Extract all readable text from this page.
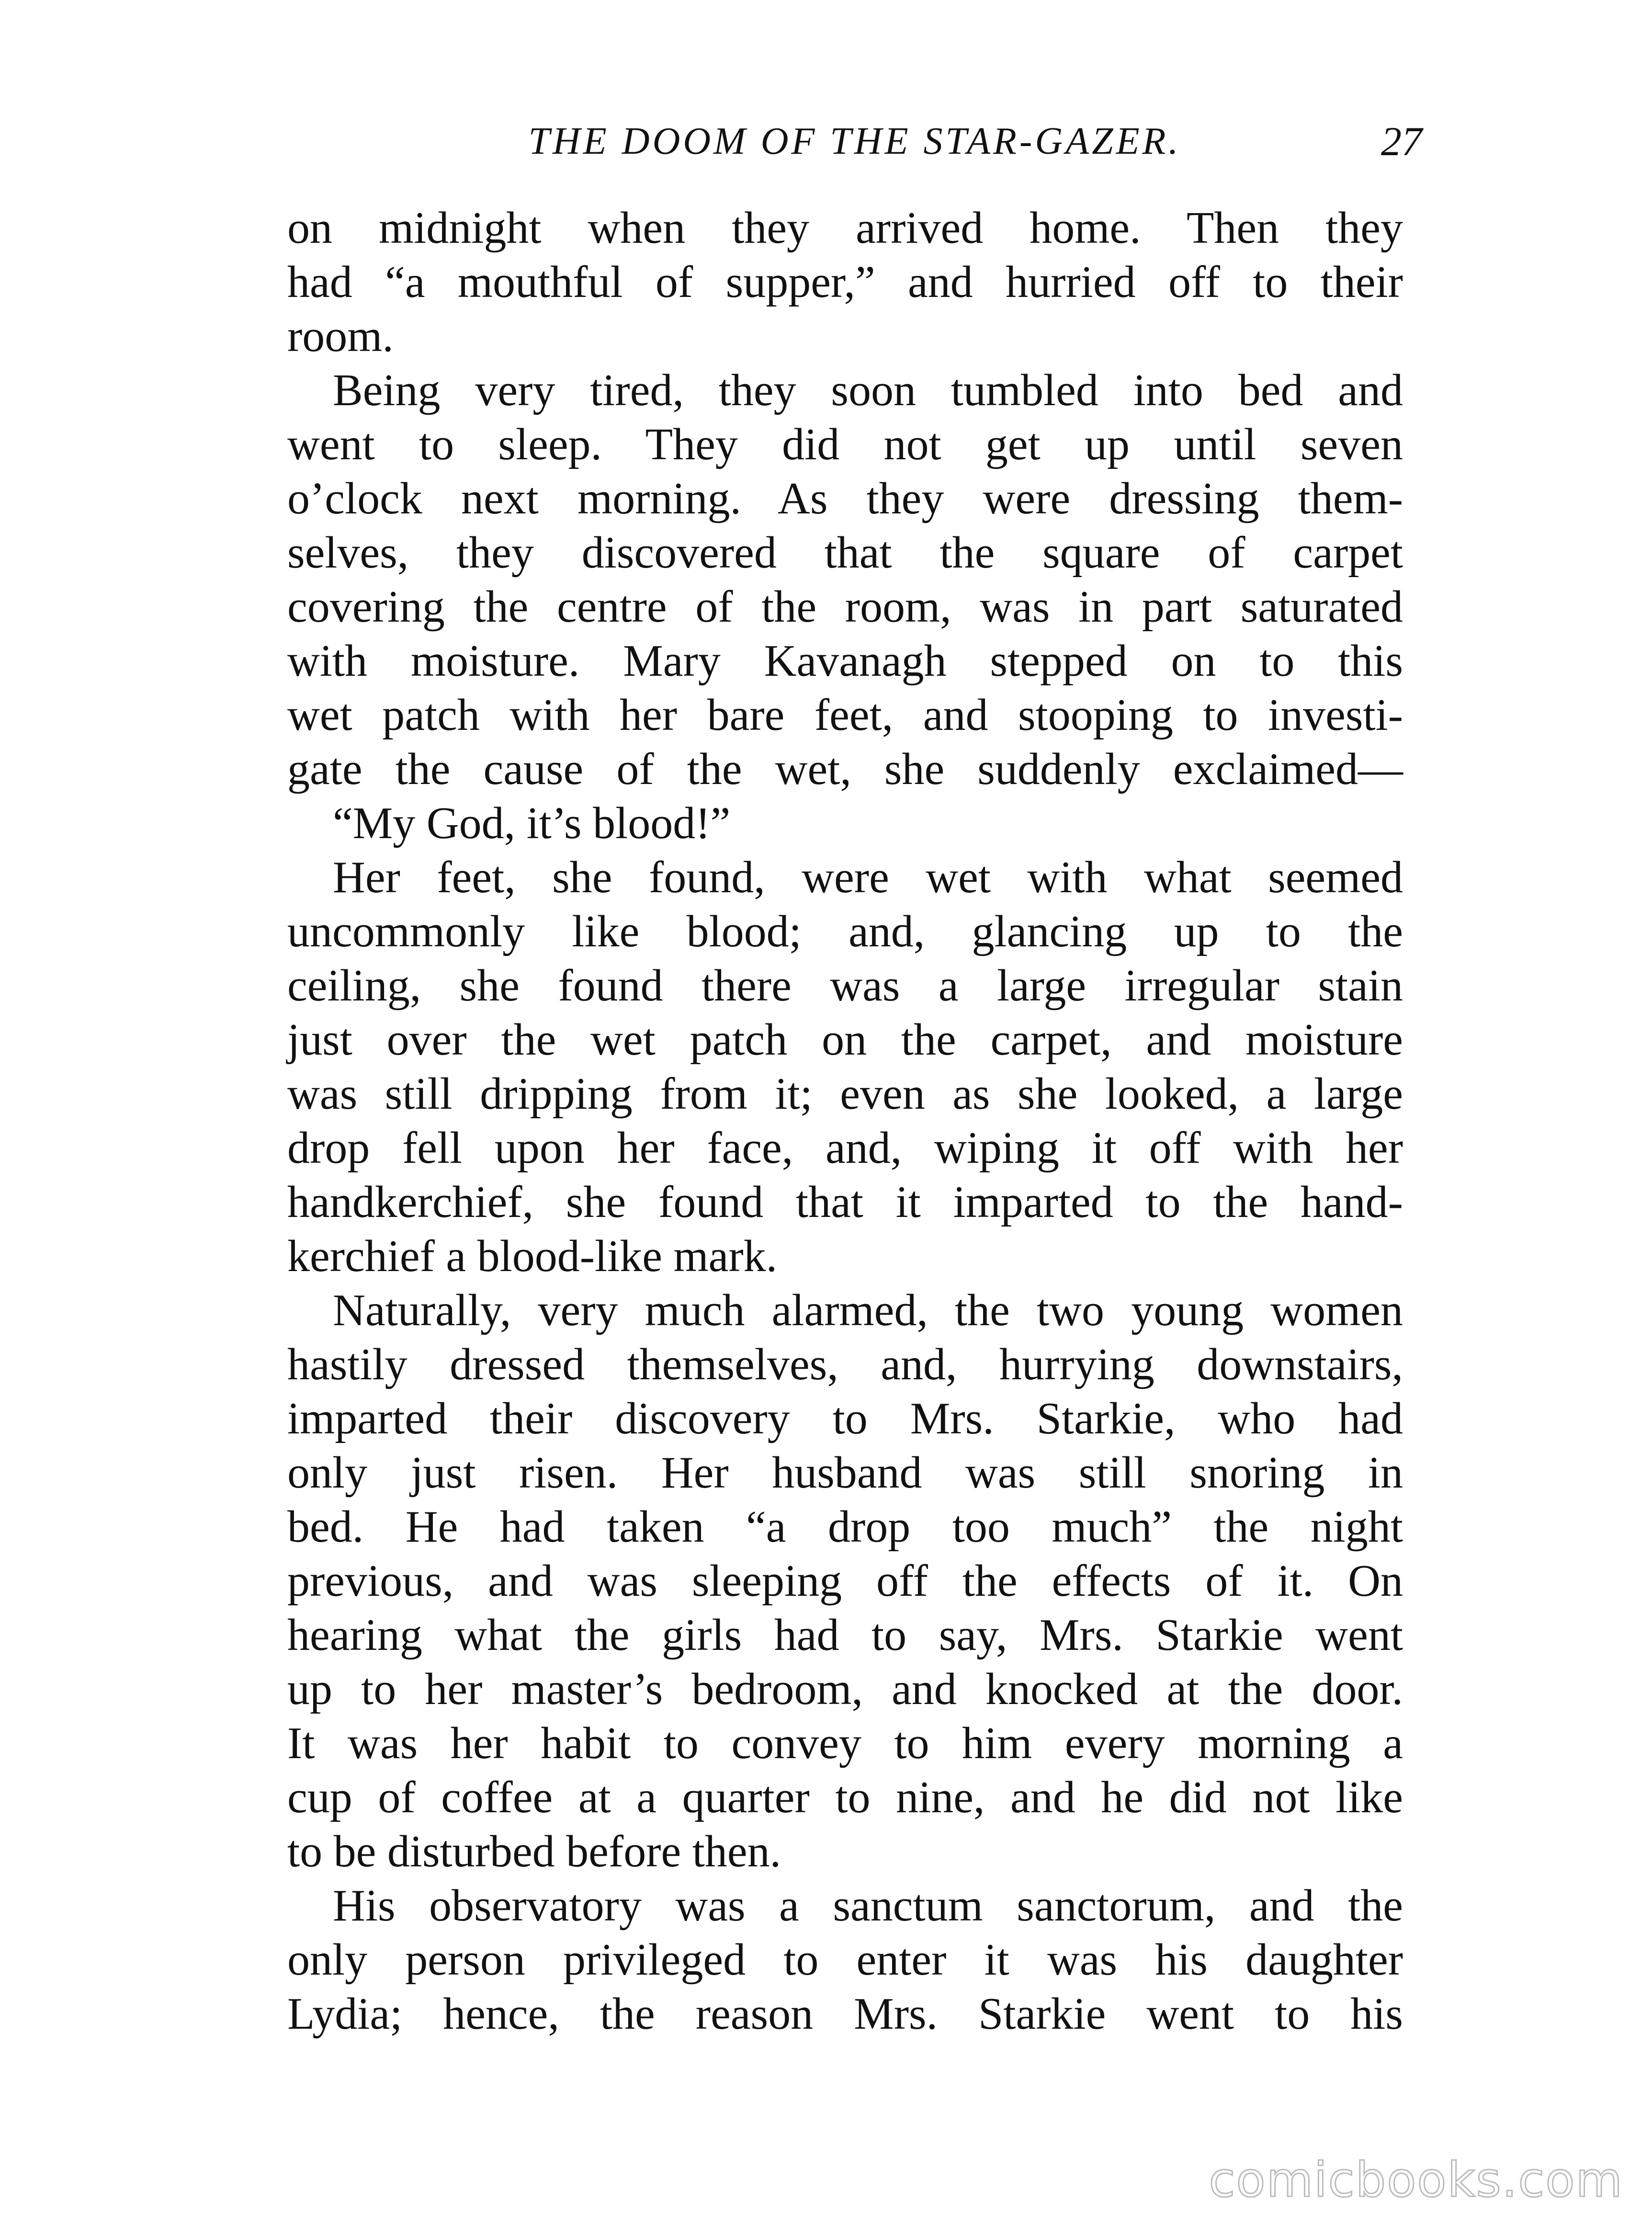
THE DOOM OF THE STAR-GAZER.	27
on midnight when they arrived home. Then they
had “a mouthful of supper,” and hurried off to their
room.
Being very tired, they soon tumbled into bed and
went to sleep. They did not get up until seven
o’clock next morning. As they were dressing them-
selves, they discovered that the square of carpet
covering the centre of the room, was in part saturated
with moisture. Mary Kavanagh stepped on to this
wet patch with her bare feet, and stooping to investi-
gate the cause of the wet, she suddenly exclaimed—
“My God, it’s blood!”
Her feet, she found, were wet with what seemed
uncommonly like blood; and, glancing up to the
ceiling, she found there was a large irregular stain
just over the wet patch on the carpet, and moisture
was still dripping from it; even as she looked, a large
drop fell upon her face, and, wiping it off with her
handkerchief, she found that it imparted to the hand-
kerchief a blood-like mark.
Naturally, very much alarmed, the two young women
hastily dressed themselves, and, hurrying downstairs,
imparted their discovery to Mrs. Starkie, who had
only just risen. Her husband was still snoring in
bed. He had taken “a drop too much” the night
previous, and was sleeping off the effects of it. On
hearing what the girls had to say, Mrs. Starkie went
up to her master’s bedroom, and knocked at the door.
It was her habit to convey to him every morning a
cup of coffee at a quarter to nine, and he did not like
to be disturbed before then.
His observatory was a sanctum sanctorum, and the
only person privileged to enter it was his daughter
Lydia; hence, the reason Mrs. Starkie went to his
comicbooks.com
